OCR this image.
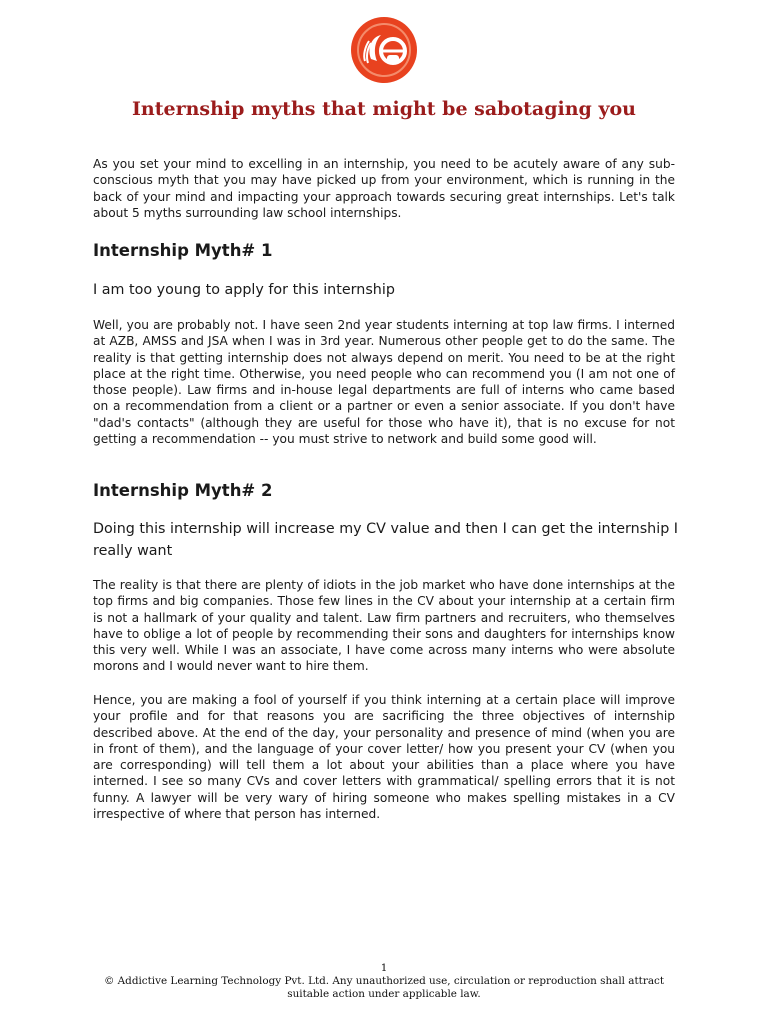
Internship myths that might be sabotaging you

As you set your mind to excelling in an internship, you need to be acutely aware of any sub-conscious myth that you may have picked up from your environment, which is running in the back of your mind and impacting your approach towards securing great internships. Let's talk about 5 myths surrounding law school internships.

Internship Myth# 1
I am too young to apply for this internship

Well, you are probably not. I have seen 2nd year students interning at top law firms. I interned at AZB, AMSS and JSA when I was in 3rd year. Numerous other people get to do the same. The reality is that getting internship does not always depend on merit. You need to be at the right place at the right time. Otherwise, you need people who can recommend you (I am not one of those people). Law firms and in-house legal departments are full of interns who came based on a recommendation from a client or a partner or even a senior associate. If you don't have "dad's contacts" (although they are useful for those who have it), that is no excuse for not getting a recommendation -- you must strive to network and build some good will.

Internship Myth# 2
Doing this internship will increase my CV value and then I can get the internship I really want

The reality is that there are plenty of idiots in the job market who have done internships at the top firms and big companies. Those few lines in the CV about your internship at a certain firm is not a hallmark of your quality and talent. Law firm partners and recruiters, who themselves have to oblige a lot of people by recommending their sons and daughters for internships know this very well. While I was an associate, I have come across many interns who were absolute morons and I would never want to hire them.

Hence, you are making a fool of yourself if you think interning at a certain place will improve your profile and for that reasons you are sacrificing the three objectives of internship described above. At the end of the day, your personality and presence of mind (when you are in front of them), and the language of your cover letter/ how you present your CV (when you are corresponding) will tell them a lot about your abilities than a place where you have interned. I see so many CVs and cover letters with grammatical/ spelling errors that it is not funny. A lawyer will be very wary of hiring someone who makes spelling mistakes in a CV irrespective of where that person has interned.

1
© Addictive Learning Technology Pvt. Ltd. Any unauthorized use, circulation or reproduction shall attract suitable action under applicable law.
